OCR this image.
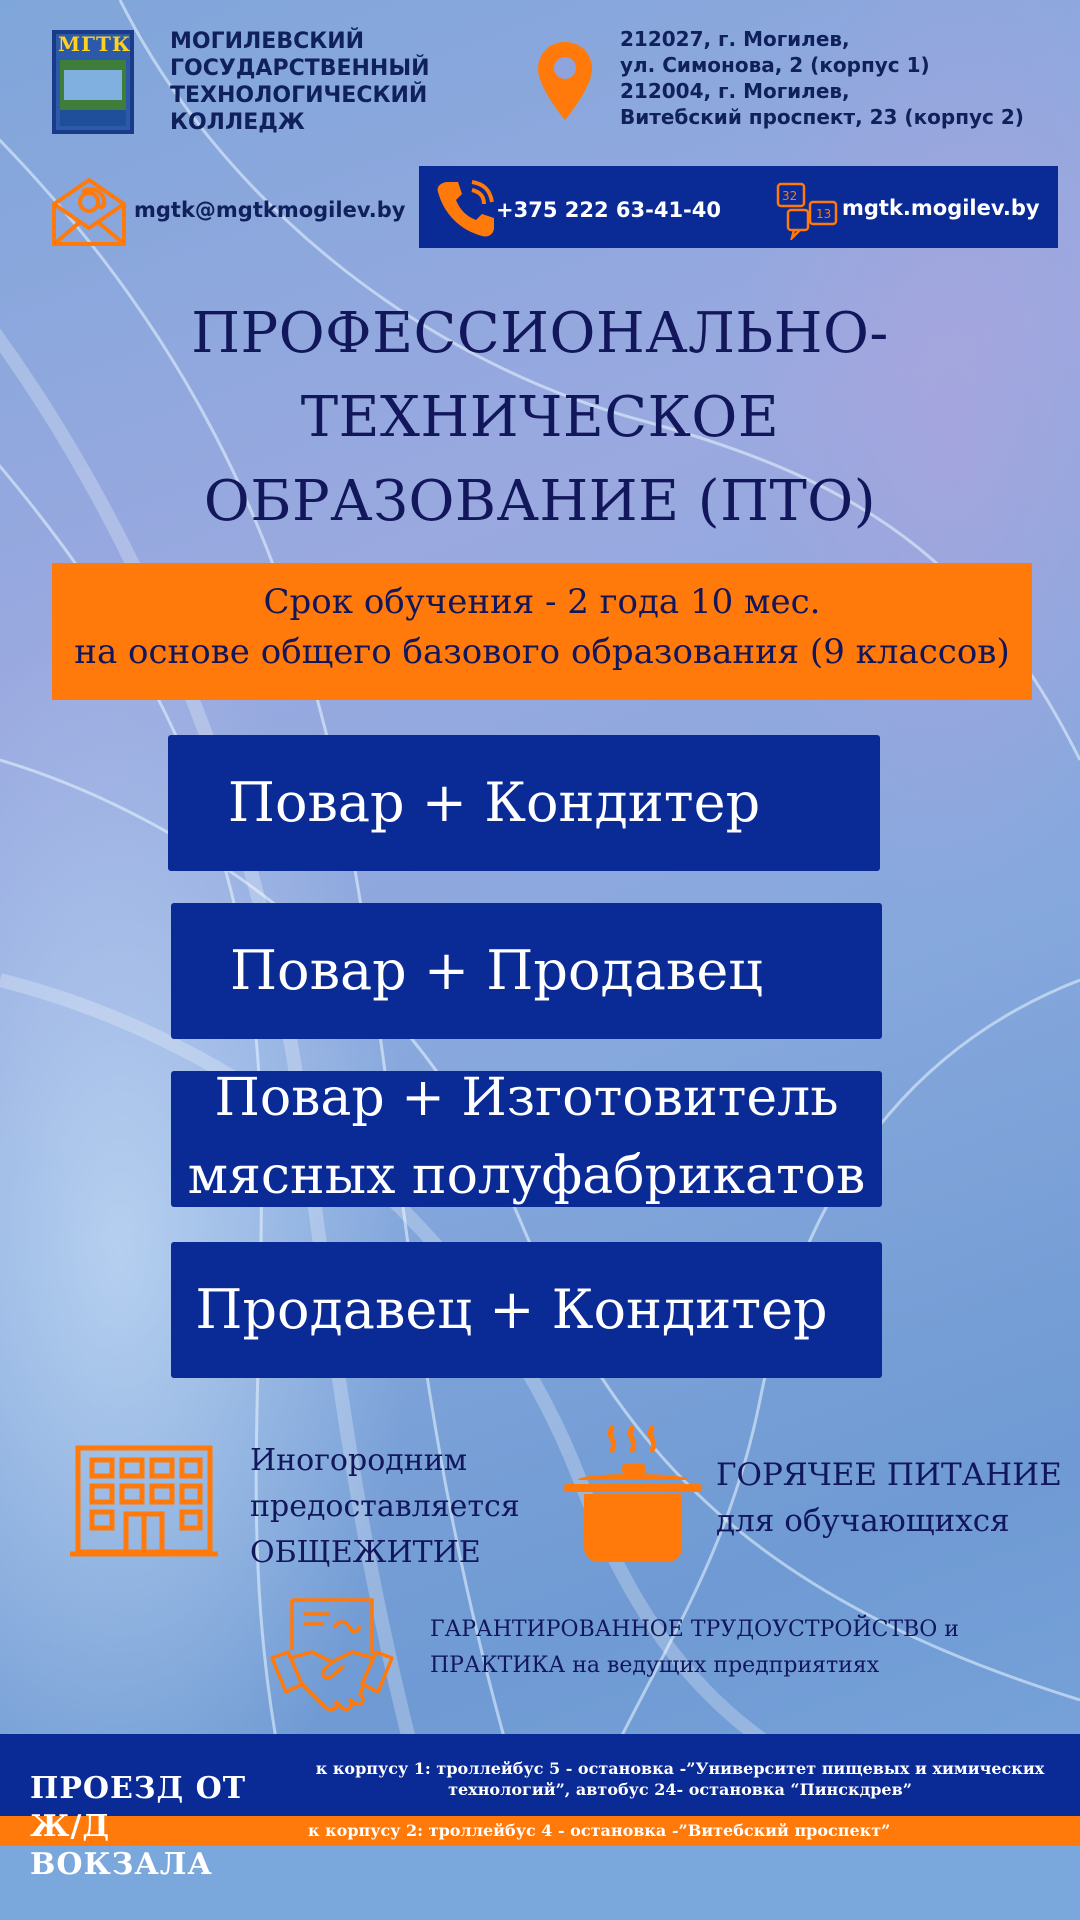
МГТК МОГИЛЕВСКИЙ
ГОСУДАРСТВЕННЫЙ
ТЕХНОЛОГИЧЕСКИЙ
КОЛЛЕДЖ
212027, г. Могилев,
ул. Симонова, 2 (корпус 1)
212004, г. Могилев,
Витебский проспект, 23 (корпус 2)
mgtk@mgtkmogilev.by	+375 222 63-41-40
32
13 mgtk.mogilev.by
ПРОФЕССИОНАЛЬНО-
ТЕХНИЧЕСКОЕ
ОБРАЗОВАНИЕ (ПТО)
Срок обучения - 2 года 10 мес.
на основе общего базового образования (9 классов)
Повар + Кондитер
Повар + Продавец
Повар + Изготовитель
мясных полуфабрикатов
Продавец + Кондитер
Иногородним
предоставляется
ОБЩЕЖИТИЕ
ГОРЯЧЕЕ ПИТАНИЕ
для обучающихся
ГАРАНТИРОВАННОЕ ТРУДОУСТРОЙСТВО и
ПРАКТИКА на ведущих предприятиях
ПРОЕЗД ОТ
Ж/Д ВОКЗАЛА
к корпусу 1: троллейбус 5 - остановка -”Университет пищевых и химических
технологий”, автобус 24- остановка “Пинскдрев”
к корпусу 2: троллейбус 4 - остановка -”Витебский проспект”
